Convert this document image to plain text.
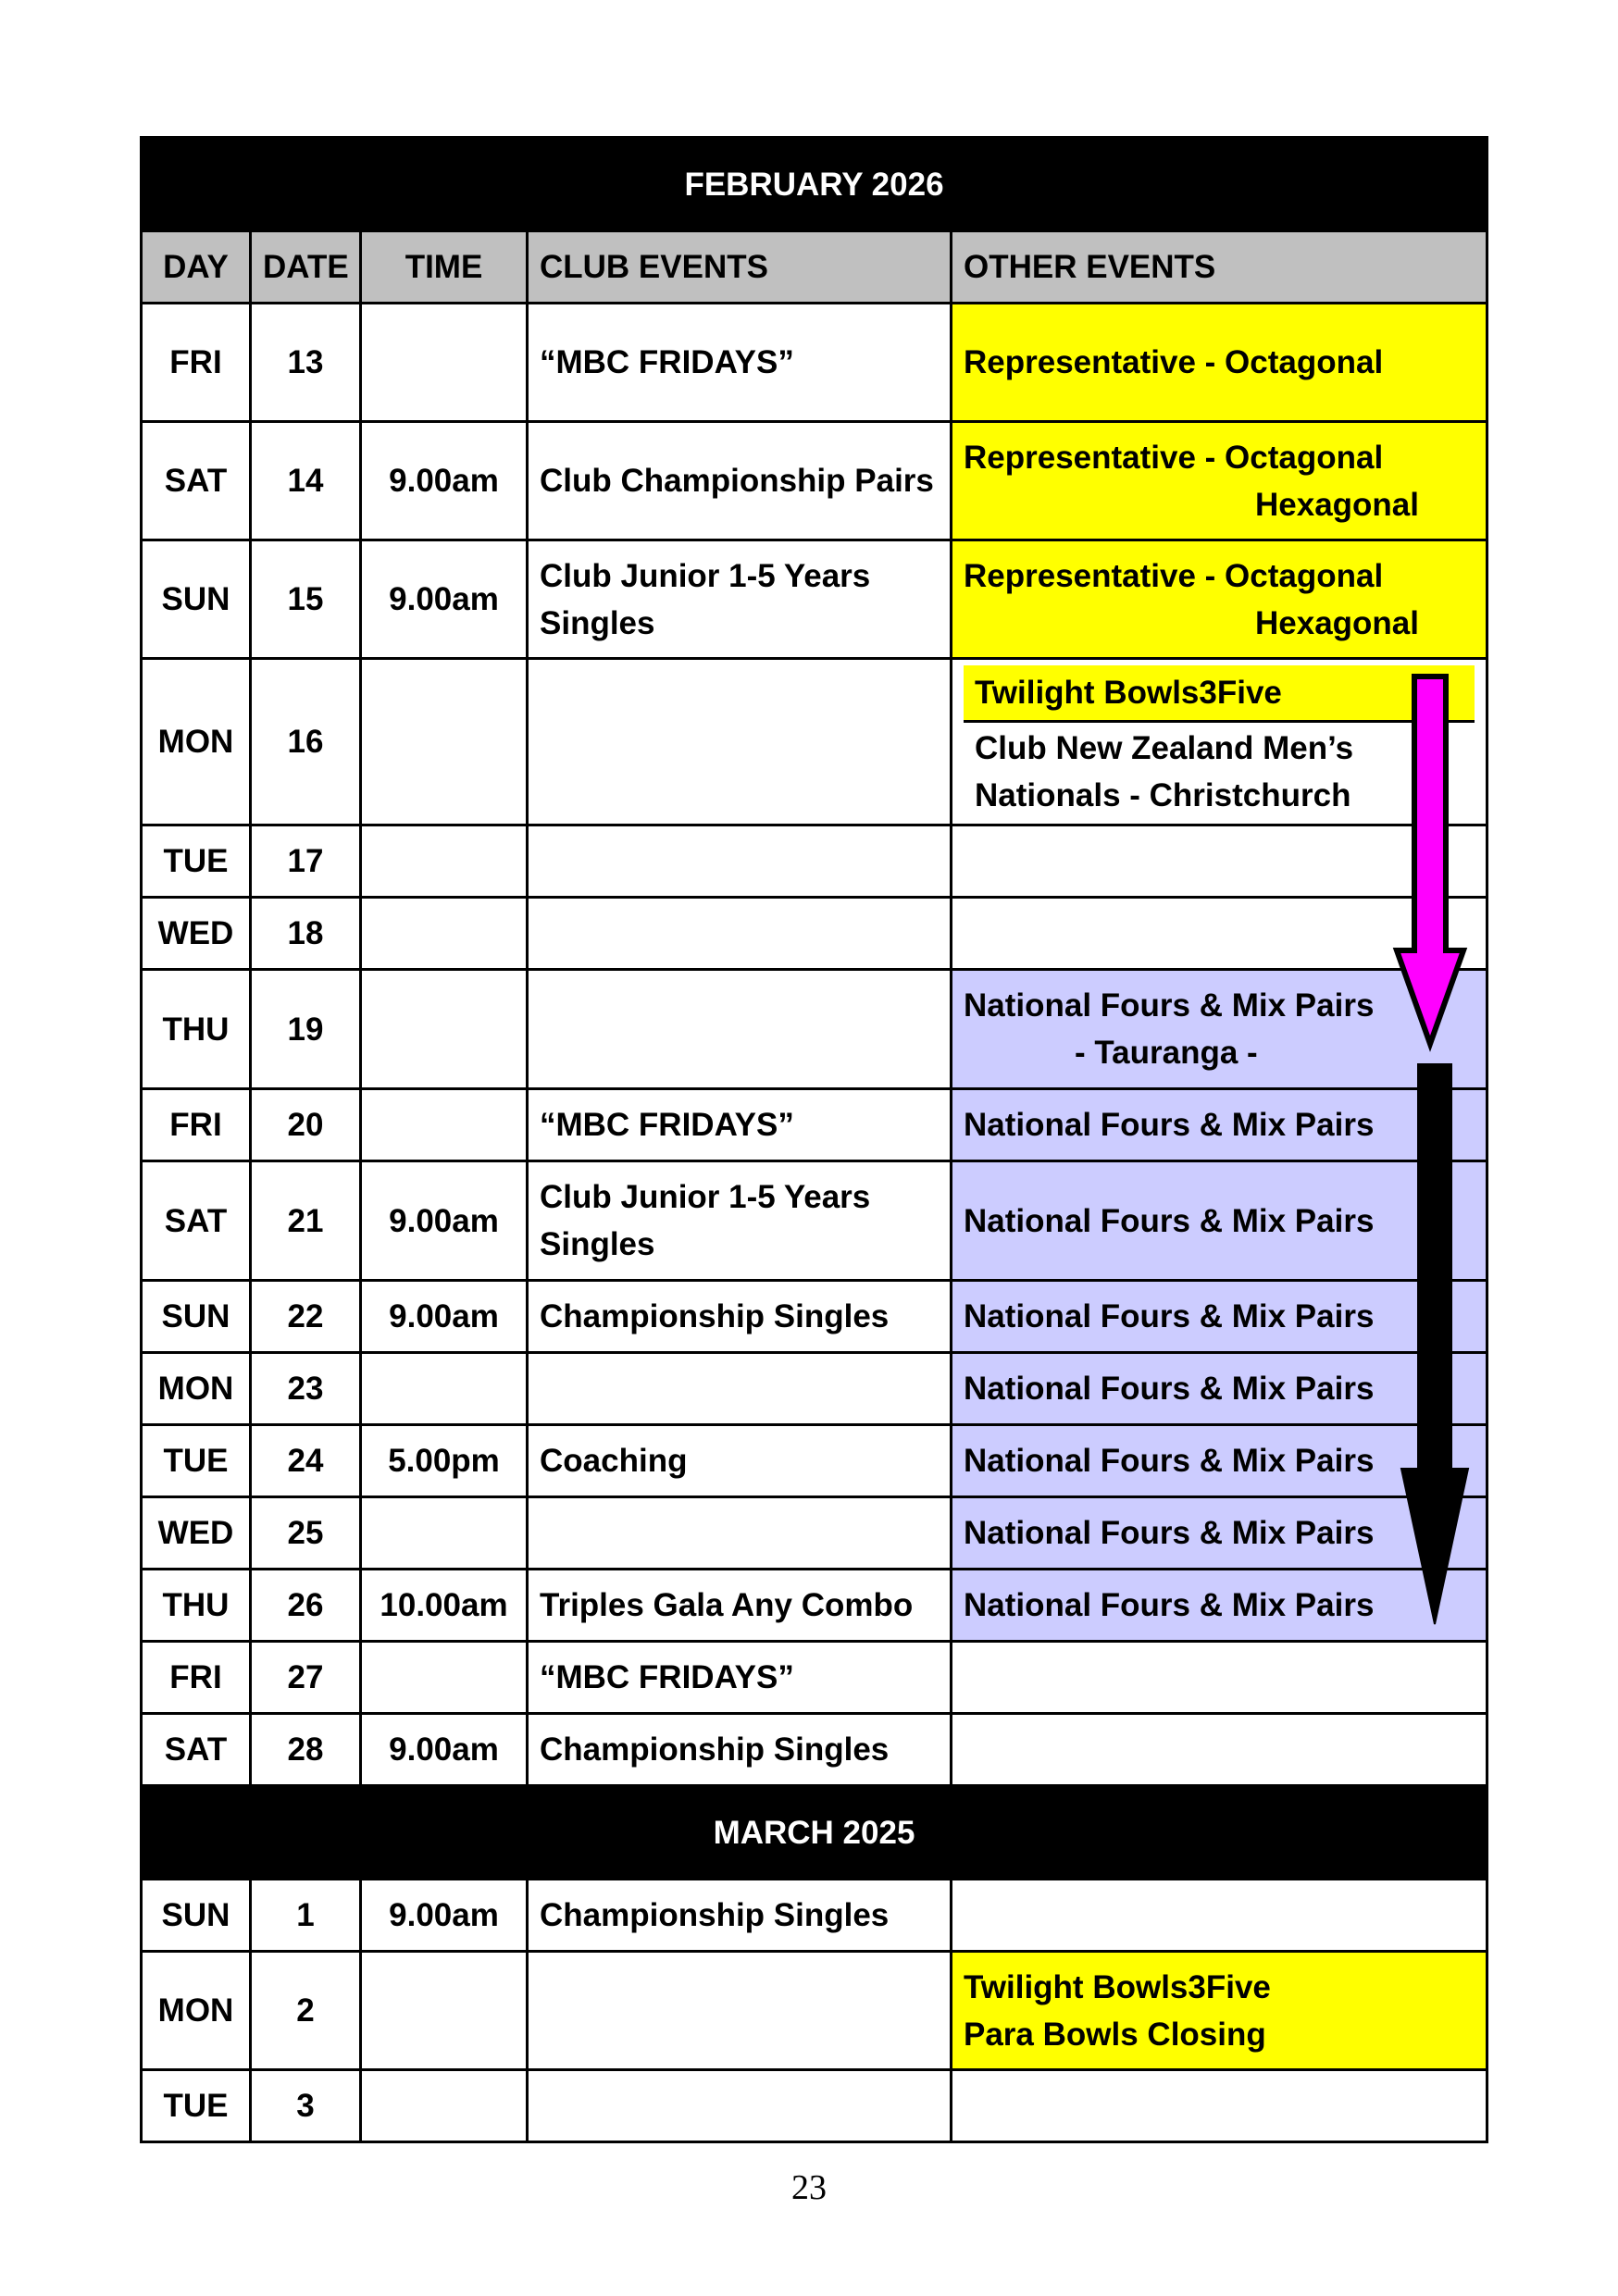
FEBRUARY 2026				
DAY	DATE	TIME	CLUB EVENTS	OTHER EVENTS
FRI	13		“MBC FRIDAYS”	Representative - Octagonal
SAT	14	9.00am	Club Championship Pairs	Representative - Octagonal
Hexagonal

SUN	15	9.00am	Club Junior 1-5 Years Singles	Representative - Octagonal
Hexagonal

MON	16			Twilight Bowls3Five
Club New Zealand Men’s Nationals - Christchurch

TUE	17			
WED	18			
THU	19			National Fours & Mix Pairs
- Tauranga -

FRI	20		“MBC FRIDAYS”	National Fours & Mix Pairs
SAT	21	9.00am	Club Junior 1-5 Years Singles	National Fours & Mix Pairs
SUN	22	9.00am	Championship Singles	National Fours & Mix Pairs
MON	23			National Fours & Mix Pairs
TUE	24	5.00pm	Coaching	National Fours & Mix Pairs
WED	25			National Fours & Mix Pairs
THU	26	10.00am	Triples Gala Any Combo	National Fours & Mix Pairs
FRI	27		“MBC FRIDAYS”	
SAT	28	9.00am	Championship Singles	
MARCH 2025				
SUN	1	9.00am	Championship Singles	
MON	2			Twilight Bowls3Five
Para Bowls Closing

TUE	3			
23
